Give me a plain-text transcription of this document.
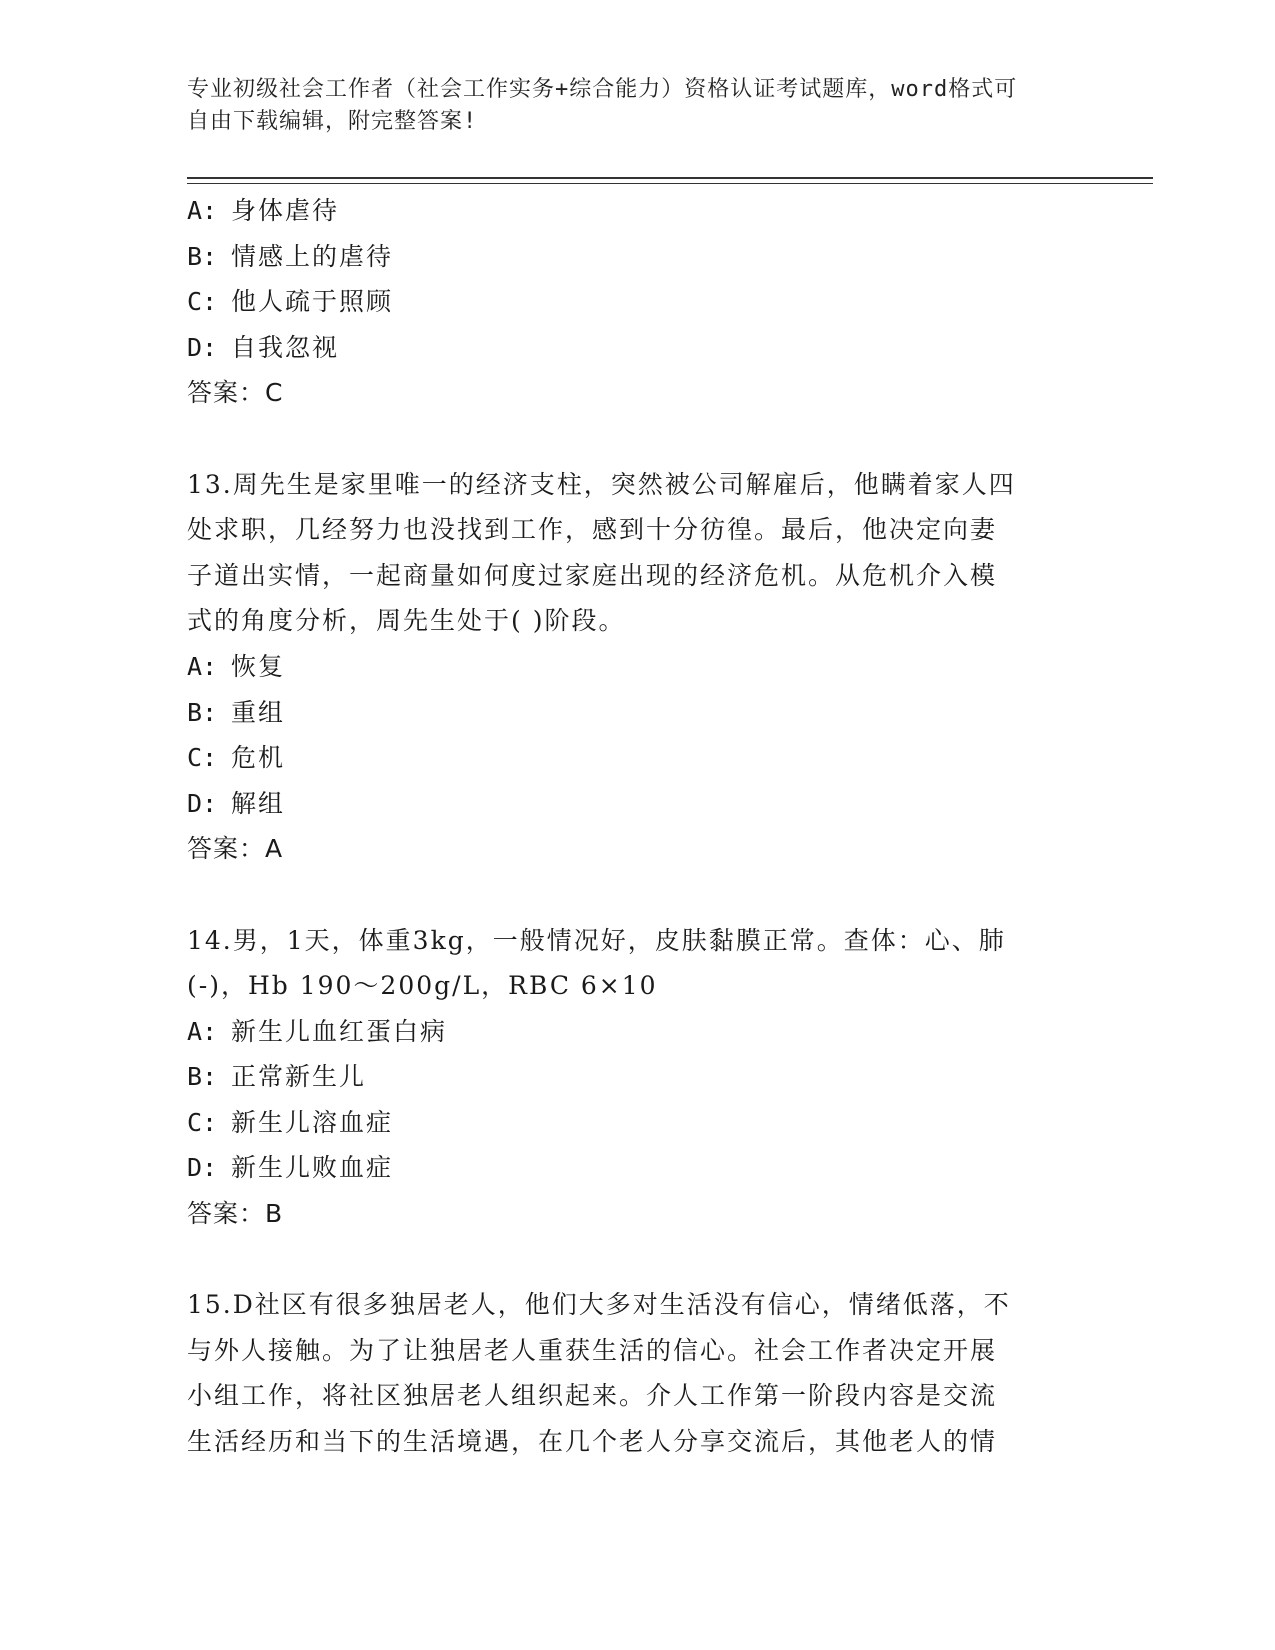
专业初级社会工作者（社会工作实务+综合能力）资格认证考试题库，word格式可
自由下载编辑，附完整答案!
A: 身体虐待
B: 情感上的虐待
C: 他人疏于照顾
D: 自我忽视
答案：C
13.周先生是家里唯一的经济支柱，突然被公司解雇后，他瞒着家人四
处求职，几经努力也没找到工作，感到十分彷徨。最后，他决定向妻
子道出实情，一起商量如何度过家庭出现的经济危机。从危机介入模
式的角度分析，周先生处于( )阶段。
A: 恢复
B: 重组
C: 危机
D: 解组
答案：A
14.男，1天，体重3kg，一般情况好，皮肤黏膜正常。查体：心、肺
(-)，Hb 190～200g/L，RBC 6×10
A: 新生儿血红蛋白病
B: 正常新生儿
C: 新生儿溶血症
D: 新生儿败血症
答案：B
15.D社区有很多独居老人，他们大多对生活没有信心，情绪低落，不
与外人接触。为了让独居老人重获生活的信心。社会工作者决定开展
小组工作，将社区独居老人组织起来。介人工作第一阶段内容是交流
生活经历和当下的生活境遇，在几个老人分享交流后，其他老人的情
